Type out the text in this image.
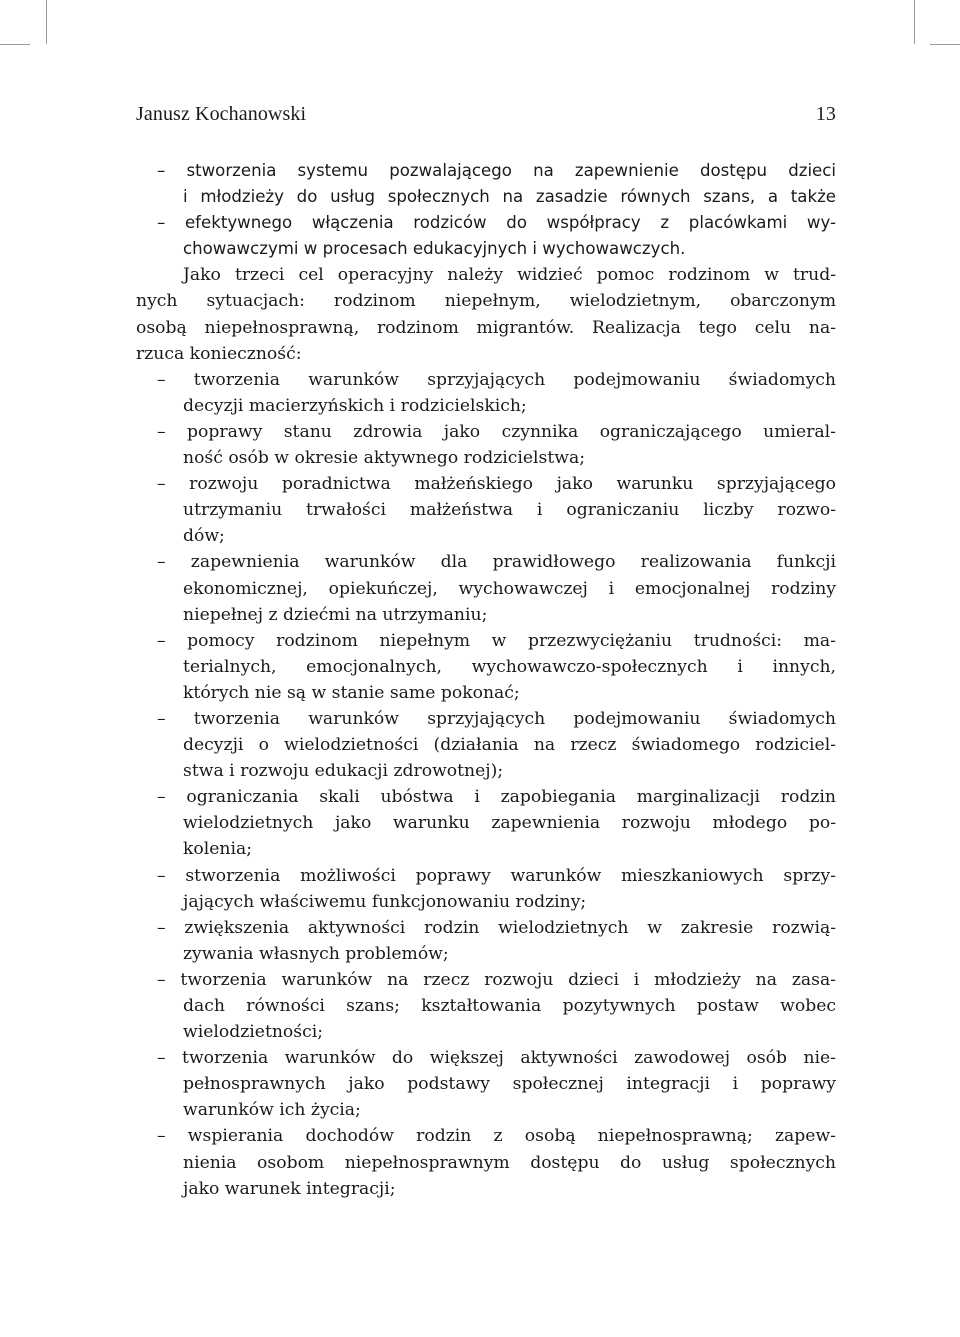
Janusz Kochanowski	13
– stworzenia systemu pozwalającego na zapewnienie dostępu dzieci
i młodzieży do usług społecznych na zasadzie równych szans, a także
– efektywnego włączenia rodziców do współpracy z placówkami wy-
chowawczymi w procesach edukacyjnych i wychowawczych.
Jako trzeci cel operacyjny należy widzieć pomoc rodzinom w trud-
nych sytuacjach: rodzinom niepełnym, wielodzietnym, obarczonym
osobą niepełnosprawną, rodzinom migrantów. Realizacja tego celu na-
rzuca konieczność:
– tworzenia warunków sprzyjających podejmowaniu świadomych
decyzji macierzyńskich i rodzicielskich;
– poprawy stanu zdrowia jako czynnika ograniczającego umieral-
ność osób w okresie aktywnego rodzicielstwa;
– rozwoju poradnictwa małżeńskiego jako warunku sprzyjającego
utrzymaniu trwałości małżeństwa i ograniczaniu liczby rozwo-
dów;
– zapewnienia warunków dla prawidłowego realizowania funkcji
ekonomicznej, opiekuńczej, wychowawczej i emocjonalnej rodziny
niepełnej z dziećmi na utrzymaniu;
– pomocy rodzinom niepełnym w przezwyciężaniu trudności: ma-
terialnych, emocjonalnych, wychowawczo-społecznych i innych,
których nie są w stanie same pokonać;
– tworzenia warunków sprzyjających podejmowaniu świadomych
decyzji o wielodzietności (działania na rzecz świadomego rodziciel-
stwa i rozwoju edukacji zdrowotnej);
– ograniczania skali ubóstwa i zapobiegania marginalizacji rodzin
wielodzietnych jako warunku zapewnienia rozwoju młodego po-
kolenia;
– stworzenia możliwości poprawy warunków mieszkaniowych sprzy-
jających właściwemu funkcjonowaniu rodziny;
– zwiększenia aktywności rodzin wielodzietnych w zakresie rozwią-
zywania własnych problemów;
– tworzenia warunków na rzecz rozwoju dzieci i młodzieży na zasa-
dach równości szans; kształtowania pozytywnych postaw wobec
wielodzietności;
– tworzenia warunków do większej aktywności zawodowej osób nie-
pełnosprawnych jako podstawy społecznej integracji i poprawy
warunków ich życia;
– wspierania dochodów rodzin z osobą niepełnosprawną; zapew-
nienia osobom niepełnosprawnym dostępu do usług społecznych
jako warunek integracji;
